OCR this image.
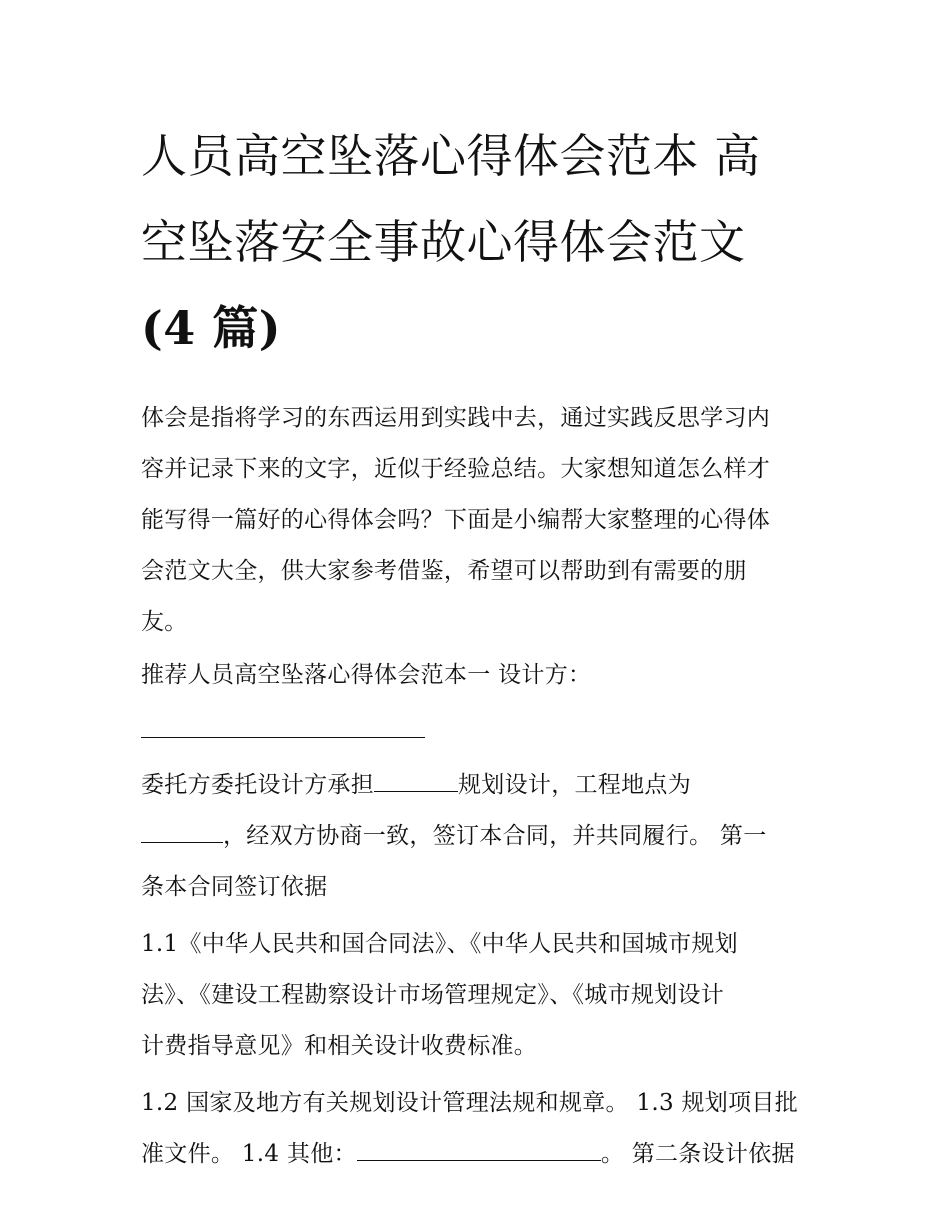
人员高空坠落心得体会范本 高
空坠落安全事故心得体会范文
(4 篇)

体会是指将学习的东西运用到实践中去，通过实践反思学习内
容并记录下来的文字，近似于经验总结。大家想知道怎么样才
能写得一篇好的心得体会吗？下面是小编帮大家整理的心得体
会范文大全，供大家参考借鉴，希望可以帮助到有需要的朋
友。

推荐人员高空坠落心得体会范本一 设计方：

委托方委托设计方承担	规划设计，工程地点为
，经双方协商一致，签订本合同，并共同履行。 第一
条本合同签订依据

1.1《中华人民共和国合同法》、《中华人民共和国城市规划
法》、《建设工程勘察设计市场管理规定》、《城市规划设计
计费指导意见》和相关设计收费标准。

1.2 国家及地方有关规划设计管理法规和规章。 1.3 规划项目批
准文件。 1.4 其他：	。 第二条设计依据
